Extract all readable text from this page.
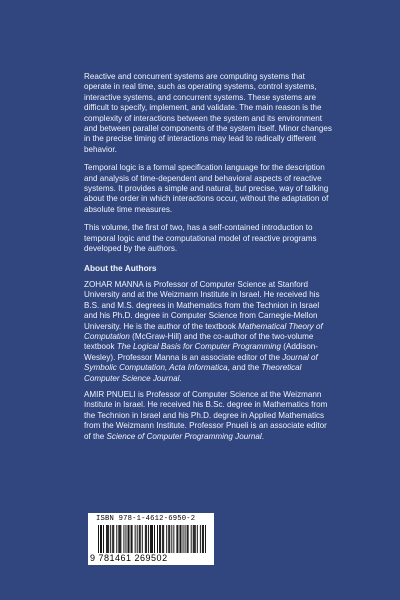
Reactive and concurrent systems are computing systems that operate in real time, such as operating systems, control systems, interactive systems, and concurrent systems. These systems are difficult to specify, implement, and validate. The main reason is the complexity of interactions between the system and its environment and between parallel components of the system itself. Minor changes in the precise timing of interactions may lead to radically different behavior.

Temporal logic is a formal specification language for the description and analysis of time-dependent and behavioral aspects of reactive systems. It provides a simple and natural, but precise, way of talking about the order in which interactions occur, without the adaptation of absolute time measures.

This volume, the first of two, has a self-contained introduction to temporal logic and the computational model of reactive programs developed by the authors.

About the Authors

ZOHAR MANNA is Professor of Computer Science at Stanford University and at the Weizmann Institute in Israel. He received his B.S. and M.S. degrees in Mathematics from the Technion in Israel and his Ph.D. degree in Computer Science from Carnegie-Mellon University. He is the author of the textbook Mathematical Theory of Computation (McGraw-Hill) and the co-author of the two-volume textbook The Logical Basis for Computer Programming (Addison-Wesley). Professor Manna is an associate editor of the Journal of Symbolic Computation, Acta Informatica, and the Theoretical Computer Science Journal.

AMIR PNUELI is Professor of Computer Science at the Weizmann Institute in Israel. He received his B.Sc. degree in Mathematics from the Technion in Israel and his Ph.D. degree in Applied Mathematics from the Weizmann Institute. Professor Pnueli is an associate editor of the Science of Computer Programming Journal.

ISBN 978-1-4612-6950-2
9 781461 269502
